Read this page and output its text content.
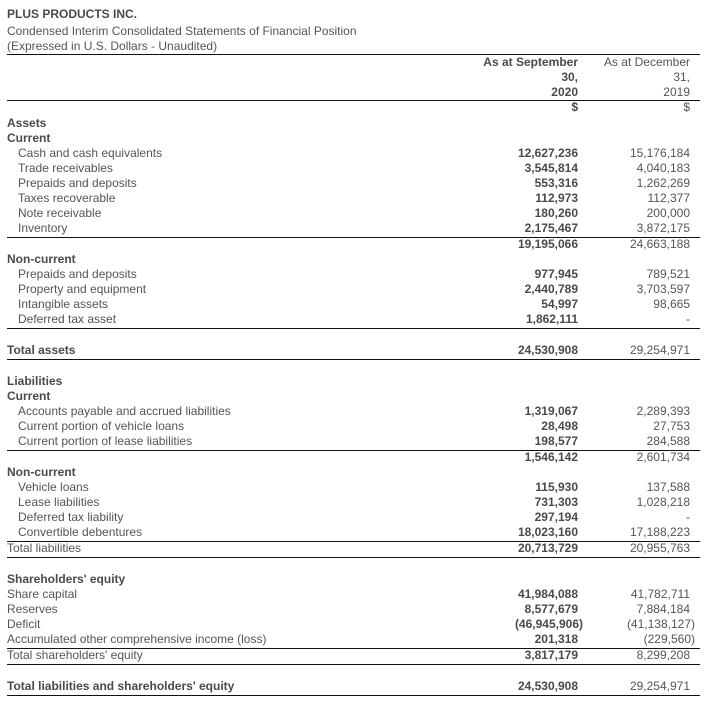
PLUS PRODUCTS INC.
Condensed Interim Consolidated Statements of Financial Position
(Expressed in U.S. Dollars - Unaudited)
As at September
30,
2020
As at December
31,
2019
$	$
Assets
Current
Cash and cash equivalents	12,627,236	15,176,184
Trade receivables	3,545,814	4,040,183
Prepaids and deposits	553,316	1,262,269
Taxes recoverable	112,973	112,377
Note receivable	180,260	200,000
Inventory	2,175,467	3,872,175
19,195,066	24,663,188
Non-current
Prepaids and deposits	977,945	789,521
Property and equipment	2,440,789	3,703,597
Intangible assets	54,997	98,665
Deferred tax asset	1,862,111	-
Total assets	24,530,908	29,254,971
Liabilities
Current
Accounts payable and accrued liabilities	1,319,067	2,289,393
Current portion of vehicle loans	28,498	27,753
Current portion of lease liabilities	198,577	284,588
1,546,142	2,601,734
Non-current
Vehicle loans	115,930	137,588
Lease liabilities	731,303	1,028,218
Deferred tax liability	297,194	-
Convertible debentures	18,023,160	17,188,223
Total liabilities	20,713,729	20,955,763
Shareholders' equity
Share capital	41,984,088	41,782,711
Reserves	8,577,679	7,884,184
Deficit	(46,945,906)	(41,138,127)
Accumulated other comprehensive income (loss)	201,318	(229,560)
Total shareholders' equity	3,817,179	8,299,208
Total liabilities and shareholders' equity	24,530,908	29,254,971
